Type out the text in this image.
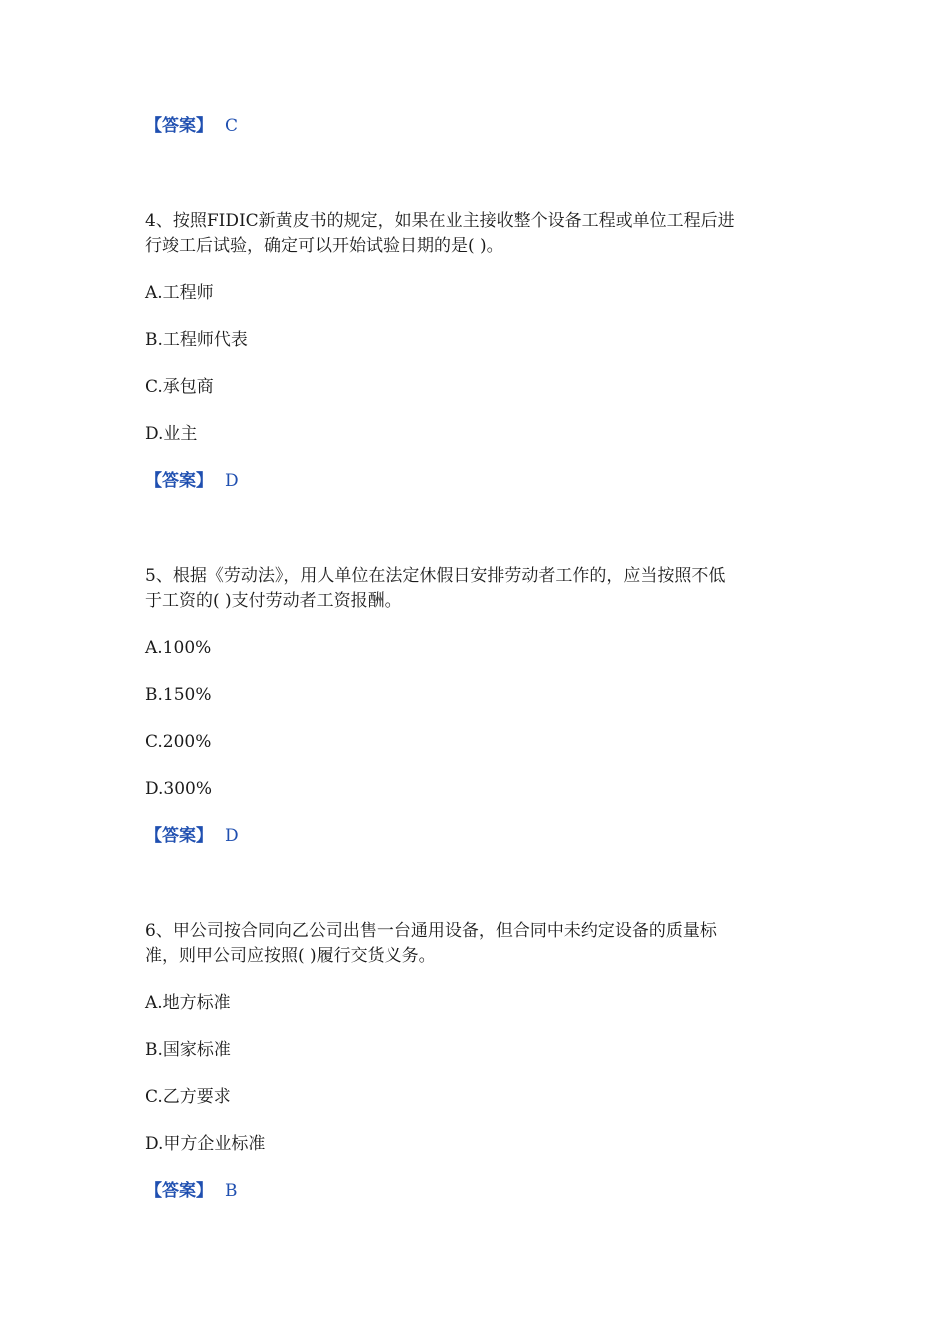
【答案】 C
4、按照FIDIC新黄皮书的规定，如果在业主接收整个设备工程或单位工程后进
行竣工后试验，确定可以开始试验日期的是( )。
A.工程师
B.工程师代表
C.承包商
D.业主
【答案】 D
5、根据《劳动法》，用人单位在法定休假日安排劳动者工作的，应当按照不低
于工资的( )支付劳动者工资报酬。
A.100%
B.150%
C.200%
D.300%
【答案】 D
6、甲公司按合同向乙公司出售一台通用设备，但合同中未约定设备的质量标
准，则甲公司应按照( )履行交货义务。
A.地方标准
B.国家标准
C.乙方要求
D.甲方企业标准
【答案】 B
